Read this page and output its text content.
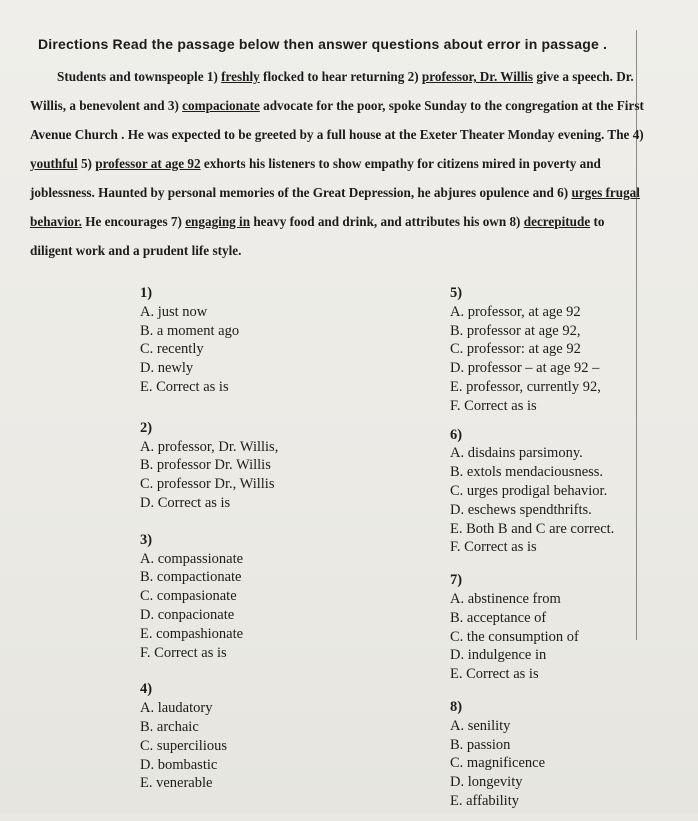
Directions Read the passage below then answer questions about error in passage .

Students and townspeople 1) freshly flocked to hear returning 2) professor, Dr. Willis give a speech. Dr. Willis, a benevolent and 3) compacionate advocate for the poor, spoke Sunday to the congregation at the First Avenue Church . He was expected to be greeted by a full house at the Exeter Theater Monday evening. The 4) youthful 5) professor at age 92 exhorts his listeners to show empathy for citizens mired in poverty and joblessness. Haunted by personal memories of the Great Depression, he abjures opulence and 6) urges frugal behavior. He encourages 7) engaging in heavy food and drink, and attributes his own 8) decrepitude to diligent work and a prudent life style.

1)
A. just now
B. a moment ago
C. recently
D. newly
E. Correct as is
2)
A. professor, Dr. Willis,
B. professor Dr. Willis
C. professor Dr., Willis
D. Correct as is
3)
A. compassionate
B. compactionate
C. compasionate
D. conpacionate
E. compashionate
F. Correct as is
4)
A. laudatory
B. archaic
C. supercilious
D. bombastic
E. venerable
5)
A. professor, at age 92
B. professor at age 92,
C. professor: at age 92
D. professor – at age 92 –
E. professor, currently 92,
F. Correct as is
6)
A. disdains parsimony.
B. extols mendaciousness.
C. urges prodigal behavior.
D. eschews spendthrifts.
E. Both B and C are correct.
F. Correct as is
7)
A. abstinence from
B. acceptance of
C. the consumption of
D. indulgence in
E. Correct as is
8)
A. senility
B. passion
C. magnificence
D. longevity
E. affability
